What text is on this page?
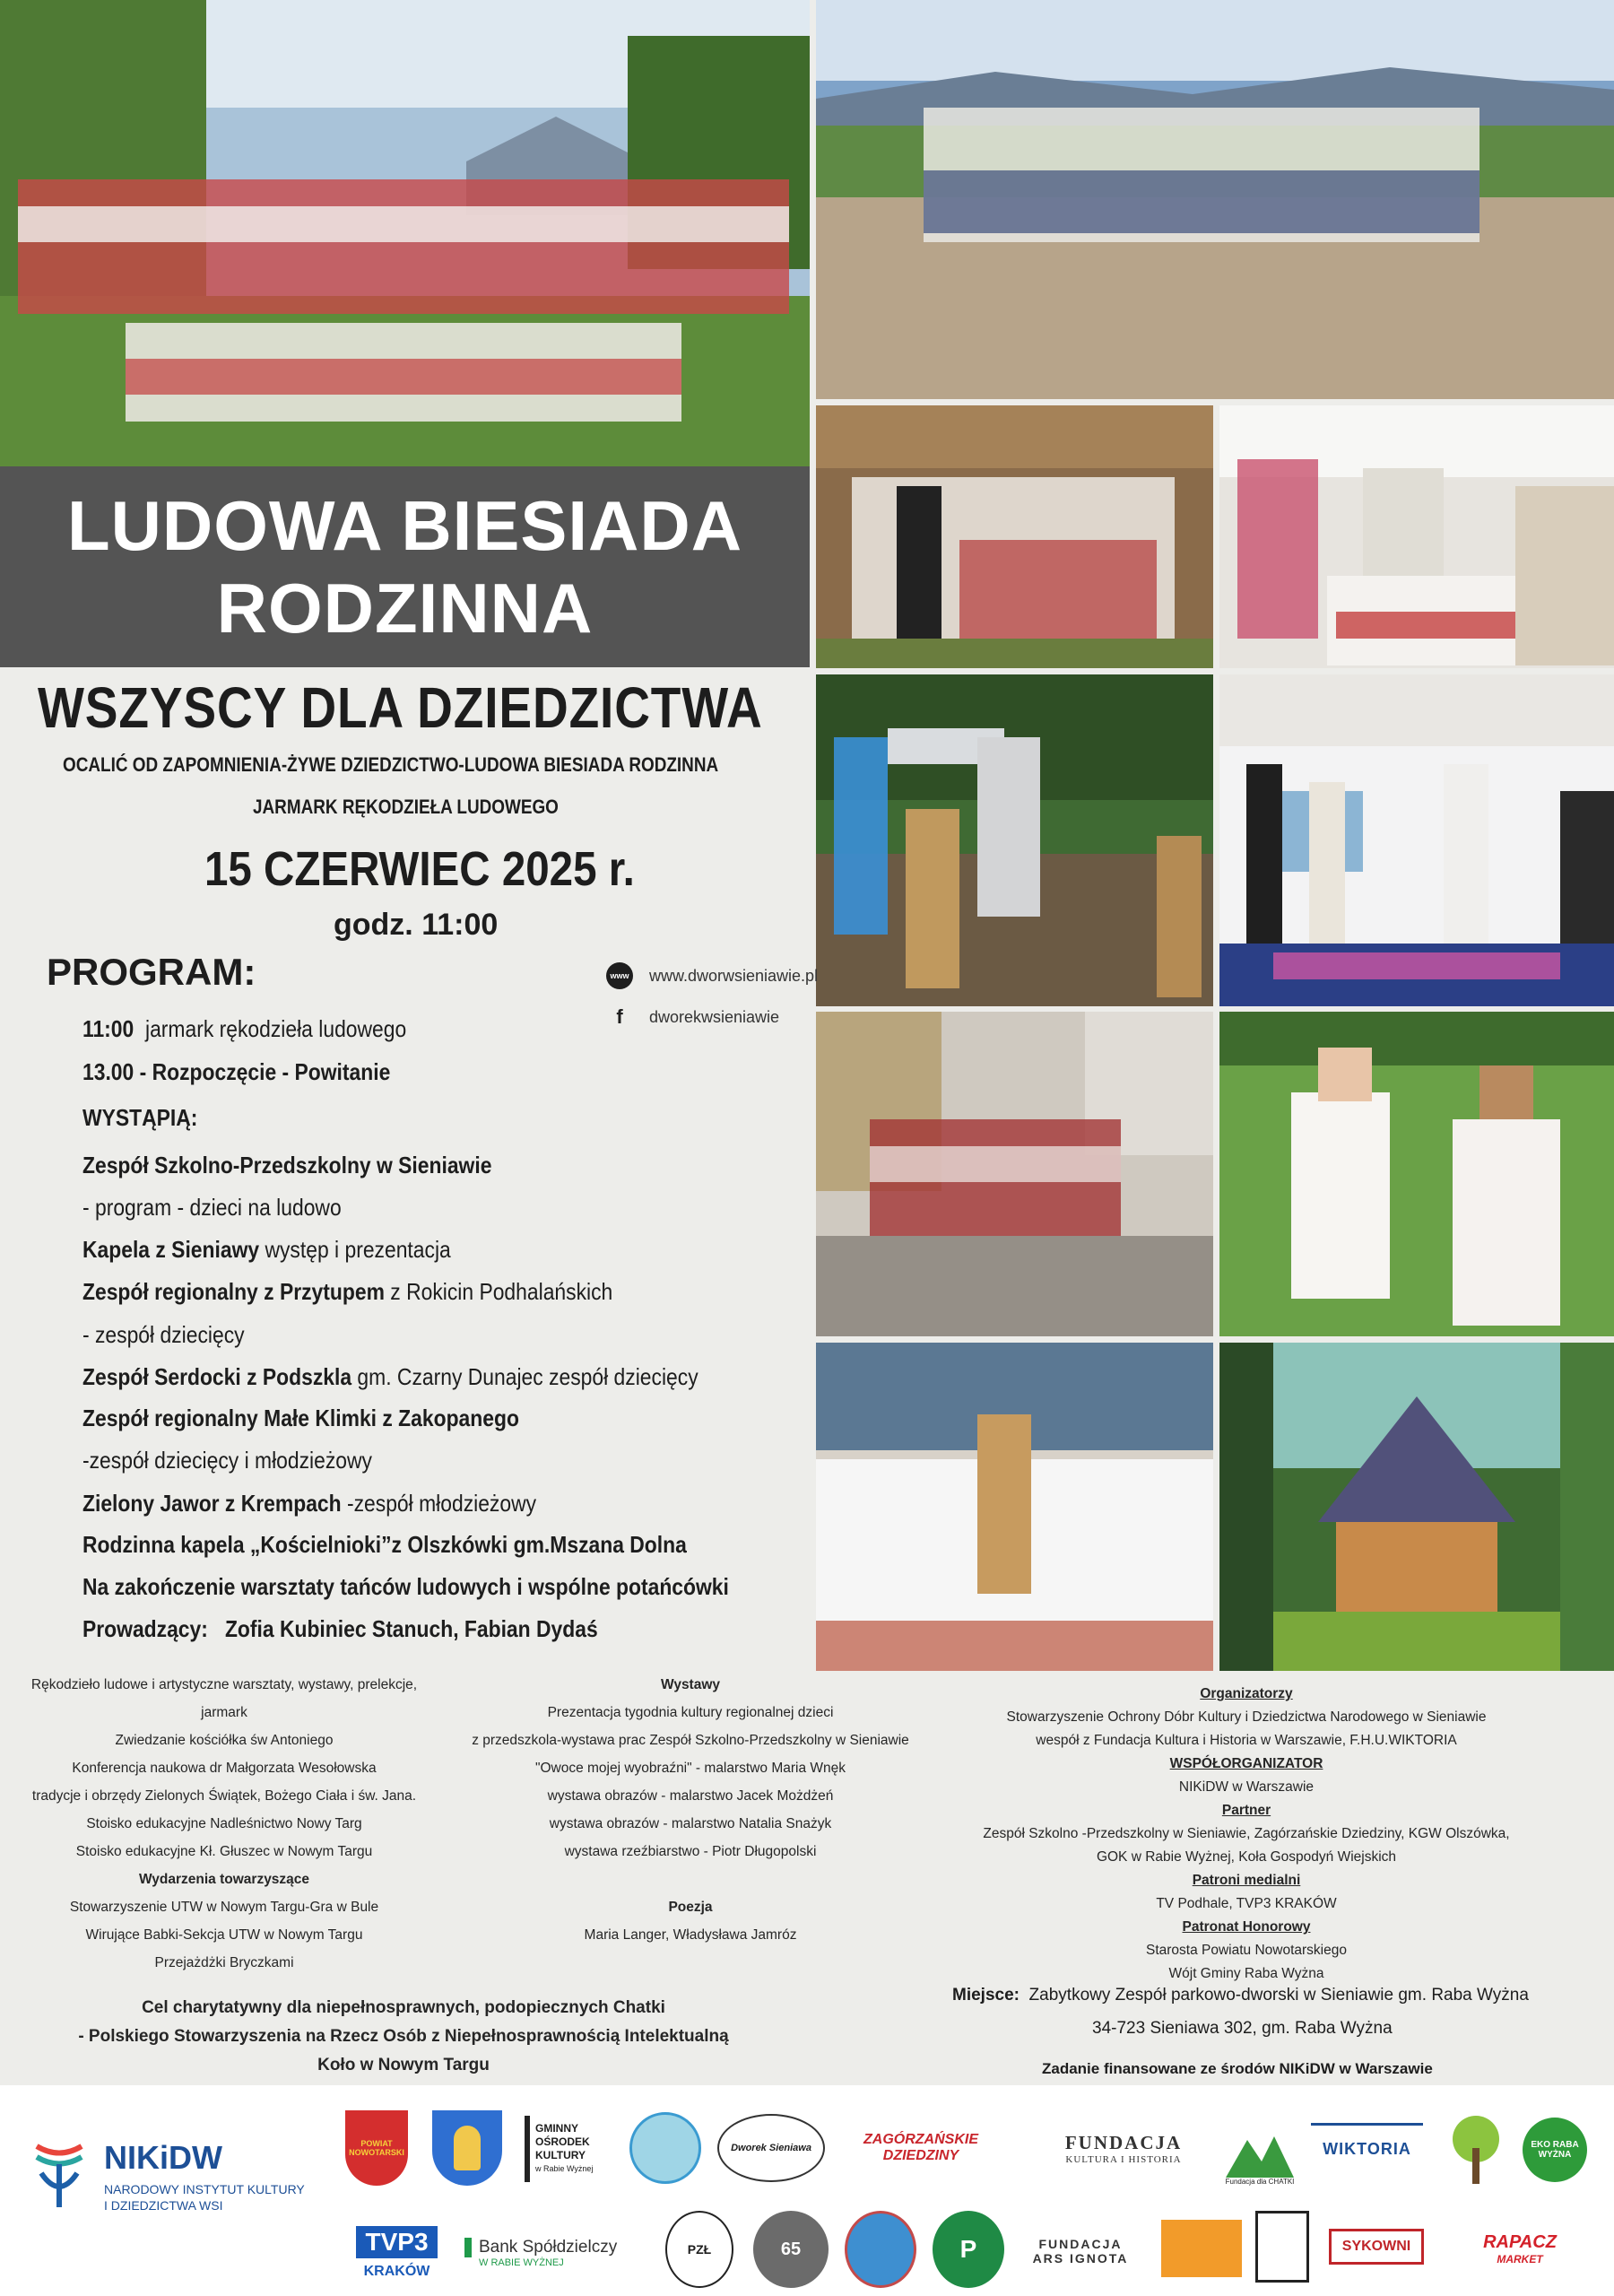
LUDOWA BIESIADA
RODZINNA
WSZYSCY DLA DZIEDZICTWA
OCALIĆ OD ZAPOMNIENIA-ŻYWE DZIEDZICTWO-LUDOWA BIESIADA RODZINNA
JARMARK RĘKODZIEŁA LUDOWEGO
15 CZERWIEC 2025 r.
godz. 11:00
PROGRAM:	www www.dworwsieniawie.pl
f	dworekwsieniawie
11:00 jarmark rękodzieła ludowego
13.00 - Rozpoczęcie - Powitanie
WYSTĄPIĄ:
Zespół Szkolno-Przedszkolny w Sieniawie
- program - dzieci na ludowo
Kapela z Sieniawy występ i prezentacja
Zespół regionalny z Przytupem z Rokicin Podhalańskich
- zespół dziecięcy
Zespół Serdocki z Podszkla gm. Czarny Dunajec zespół dziecięcy
Zespół regionalny Małe Klimki z Zakopanego
-zespół dziecięcy i młodzieżowy
Zielony Jawor z Krempach -zespół młodzieżowy
Rodzinna kapela „Kościelnioki”z Olszkówki gm.Mszana Dolna
Na zakończenie warsztaty tańców ludowych i wspólne potańcówki
Prowadzący: Zofia Kubiniec Stanuch, Fabian Dydaś
Rękodzieło ludowe i artystyczne warsztaty, wystawy, prelekcje,
jarmark
Zwiedzanie kościółka św Antoniego
Konferencja naukowa dr Małgorzata Wesołowska
tradycje i obrzędy Zielonych Świątek, Bożego Ciała i św. Jana.
Stoisko edukacyjne Nadleśnictwo Nowy Targ
Stoisko edukacyjne Kł. Głuszec w Nowym Targu
Wydarzenia towarzyszące
Stowarzyszenie UTW w Nowym Targu-Gra w Bule
Wirujące Babki-Sekcja UTW w Nowym Targu
Przejażdżki Bryczkami
Wystawy
Prezentacja tygodnia kultury regionalnej dzieci
z przedszkola-wystawa prac Zespół Szkolno-Przedszkolny w Sieniawie
"Owoce mojej wyobraźni" - malarstwo Maria Wnęk
wystawa obrazów - malarstwo Jacek Możdżeń
wystawa obrazów - malarstwo Natalia Snażyk
wystawa rzeźbiarstwo - Piotr Długopolski
Poezja
Maria Langer, Władysława Jamróz
Organizatorzy
Stowarzyszenie Ochrony Dóbr Kultury i Dziedzictwa Narodowego w Sieniawie
wespół z Fundacja Kultura i Historia w Warszawie, F.H.U.WIKTORIA
WSPÓŁORGANIZATOR
NIKiDW w Warszawie
Partner
Zespół Szkolno -Przedszkolny w Sieniawie, Zagórzańskie Dziedziny, KGW Olszówka,
GOK w Rabie Wyżnej, Koła Gospodyń Wiejskich
Patroni medialni
TV Podhale, TVP3 KRAKÓW
Patronat Honorowy
Starosta Powiatu Nowotarskiego
Wójt Gminy Raba Wyżna
Cel charytatywny dla niepełnosprawnych, podopiecznych Chatki
- Polskiego Stowarzyszenia na Rzecz Osób z Niepełnosprawnością Intelektualną
Koło w Nowym Targu
Miejsce: Zabytkowy Zespół parkowo-dworski w Sieniawie gm. Raba Wyżna
34-723 Sieniawa 302, gm. Raba Wyżna
Zadanie finansowane ze środów NIKiDW w Warszawie
NIKiDW
NARODOWY INSTYTUT KULTURY
I DZIEDZICTWA WSI
POWIAT NOWOTARSKI
GMINNY OŚRODEK KULTURY
w Rabie Wyżnej
Dworek Sieniawa
ZAGÓRZAŃSKIE DZIEDZINY
FUNDACJA
KULTURA I HISTORIA
Fundacja dla CHATKI
WIKTORIA	EKO RABA WYŻNA
TVP3
KRAKÓW
Bank Spółdzielczy
W RABIE WYŻNEJ
PZŁ	65	P	FUNDACJA
ARS IGNOTA
SYKOWNI	RAPACZ
MARKET
